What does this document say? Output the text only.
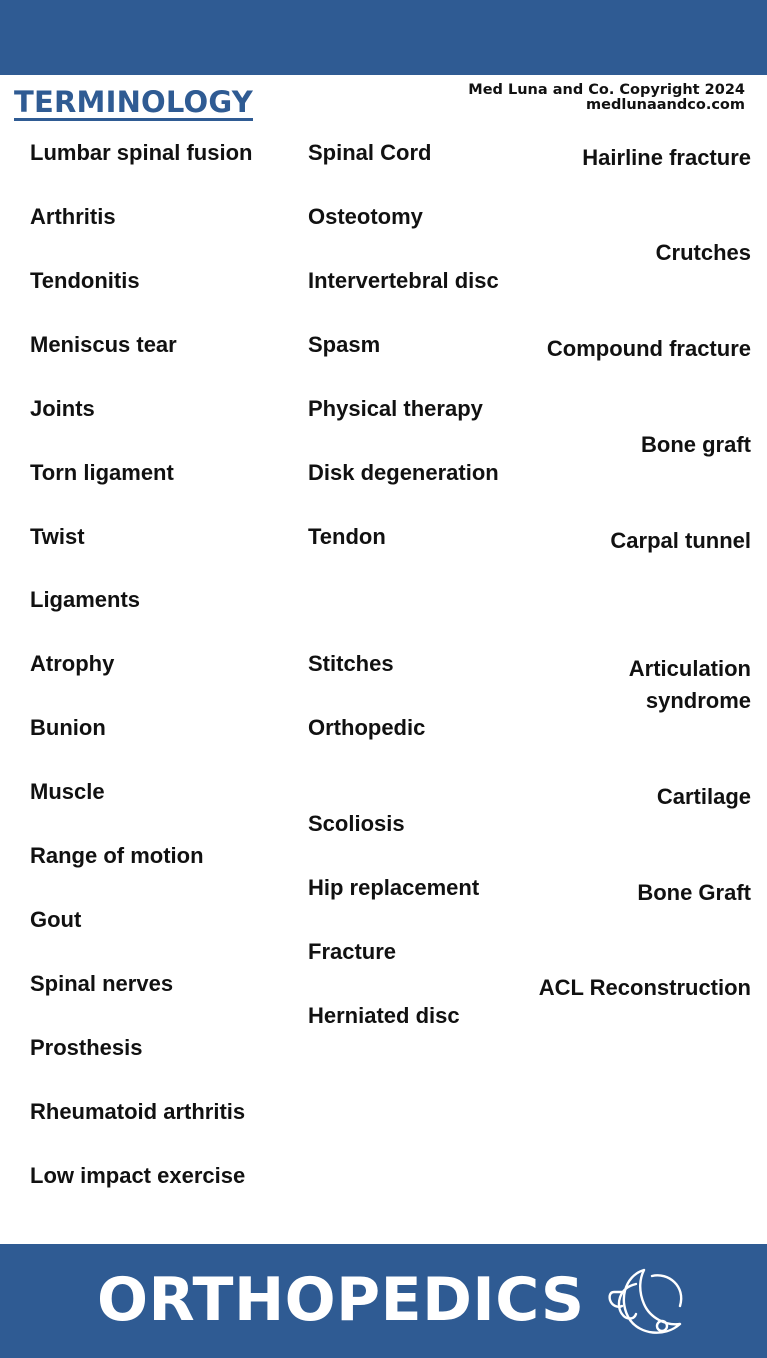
TERMINOLOGY	Med Luna and Co. Copyright 2024
medlunaandco.com

Lumbar spinal fusion

Arthritis

Tendonitis

Meniscus tear

Joints

Torn ligament

Twist

Ligaments

Atrophy

Bunion

Muscle

Range of motion

Gout

Spinal nerves

Prosthesis

Rheumatoid arthritis

Low impact exercise

Spinal Cord

Osteotomy

Intervertebral disc

Spasm

Physical therapy

Disk degeneration

Tendon

Stitches

Orthopedic

Scoliosis

Hip replacement

Fracture

Herniated disc

Hairline fracture

Crutches

Compound fracture

Bone graft

Carpal tunnel

Articulation

syndrome

Cartilage

Bone Graft

ACL Reconstruction

ORTHOPEDICS
